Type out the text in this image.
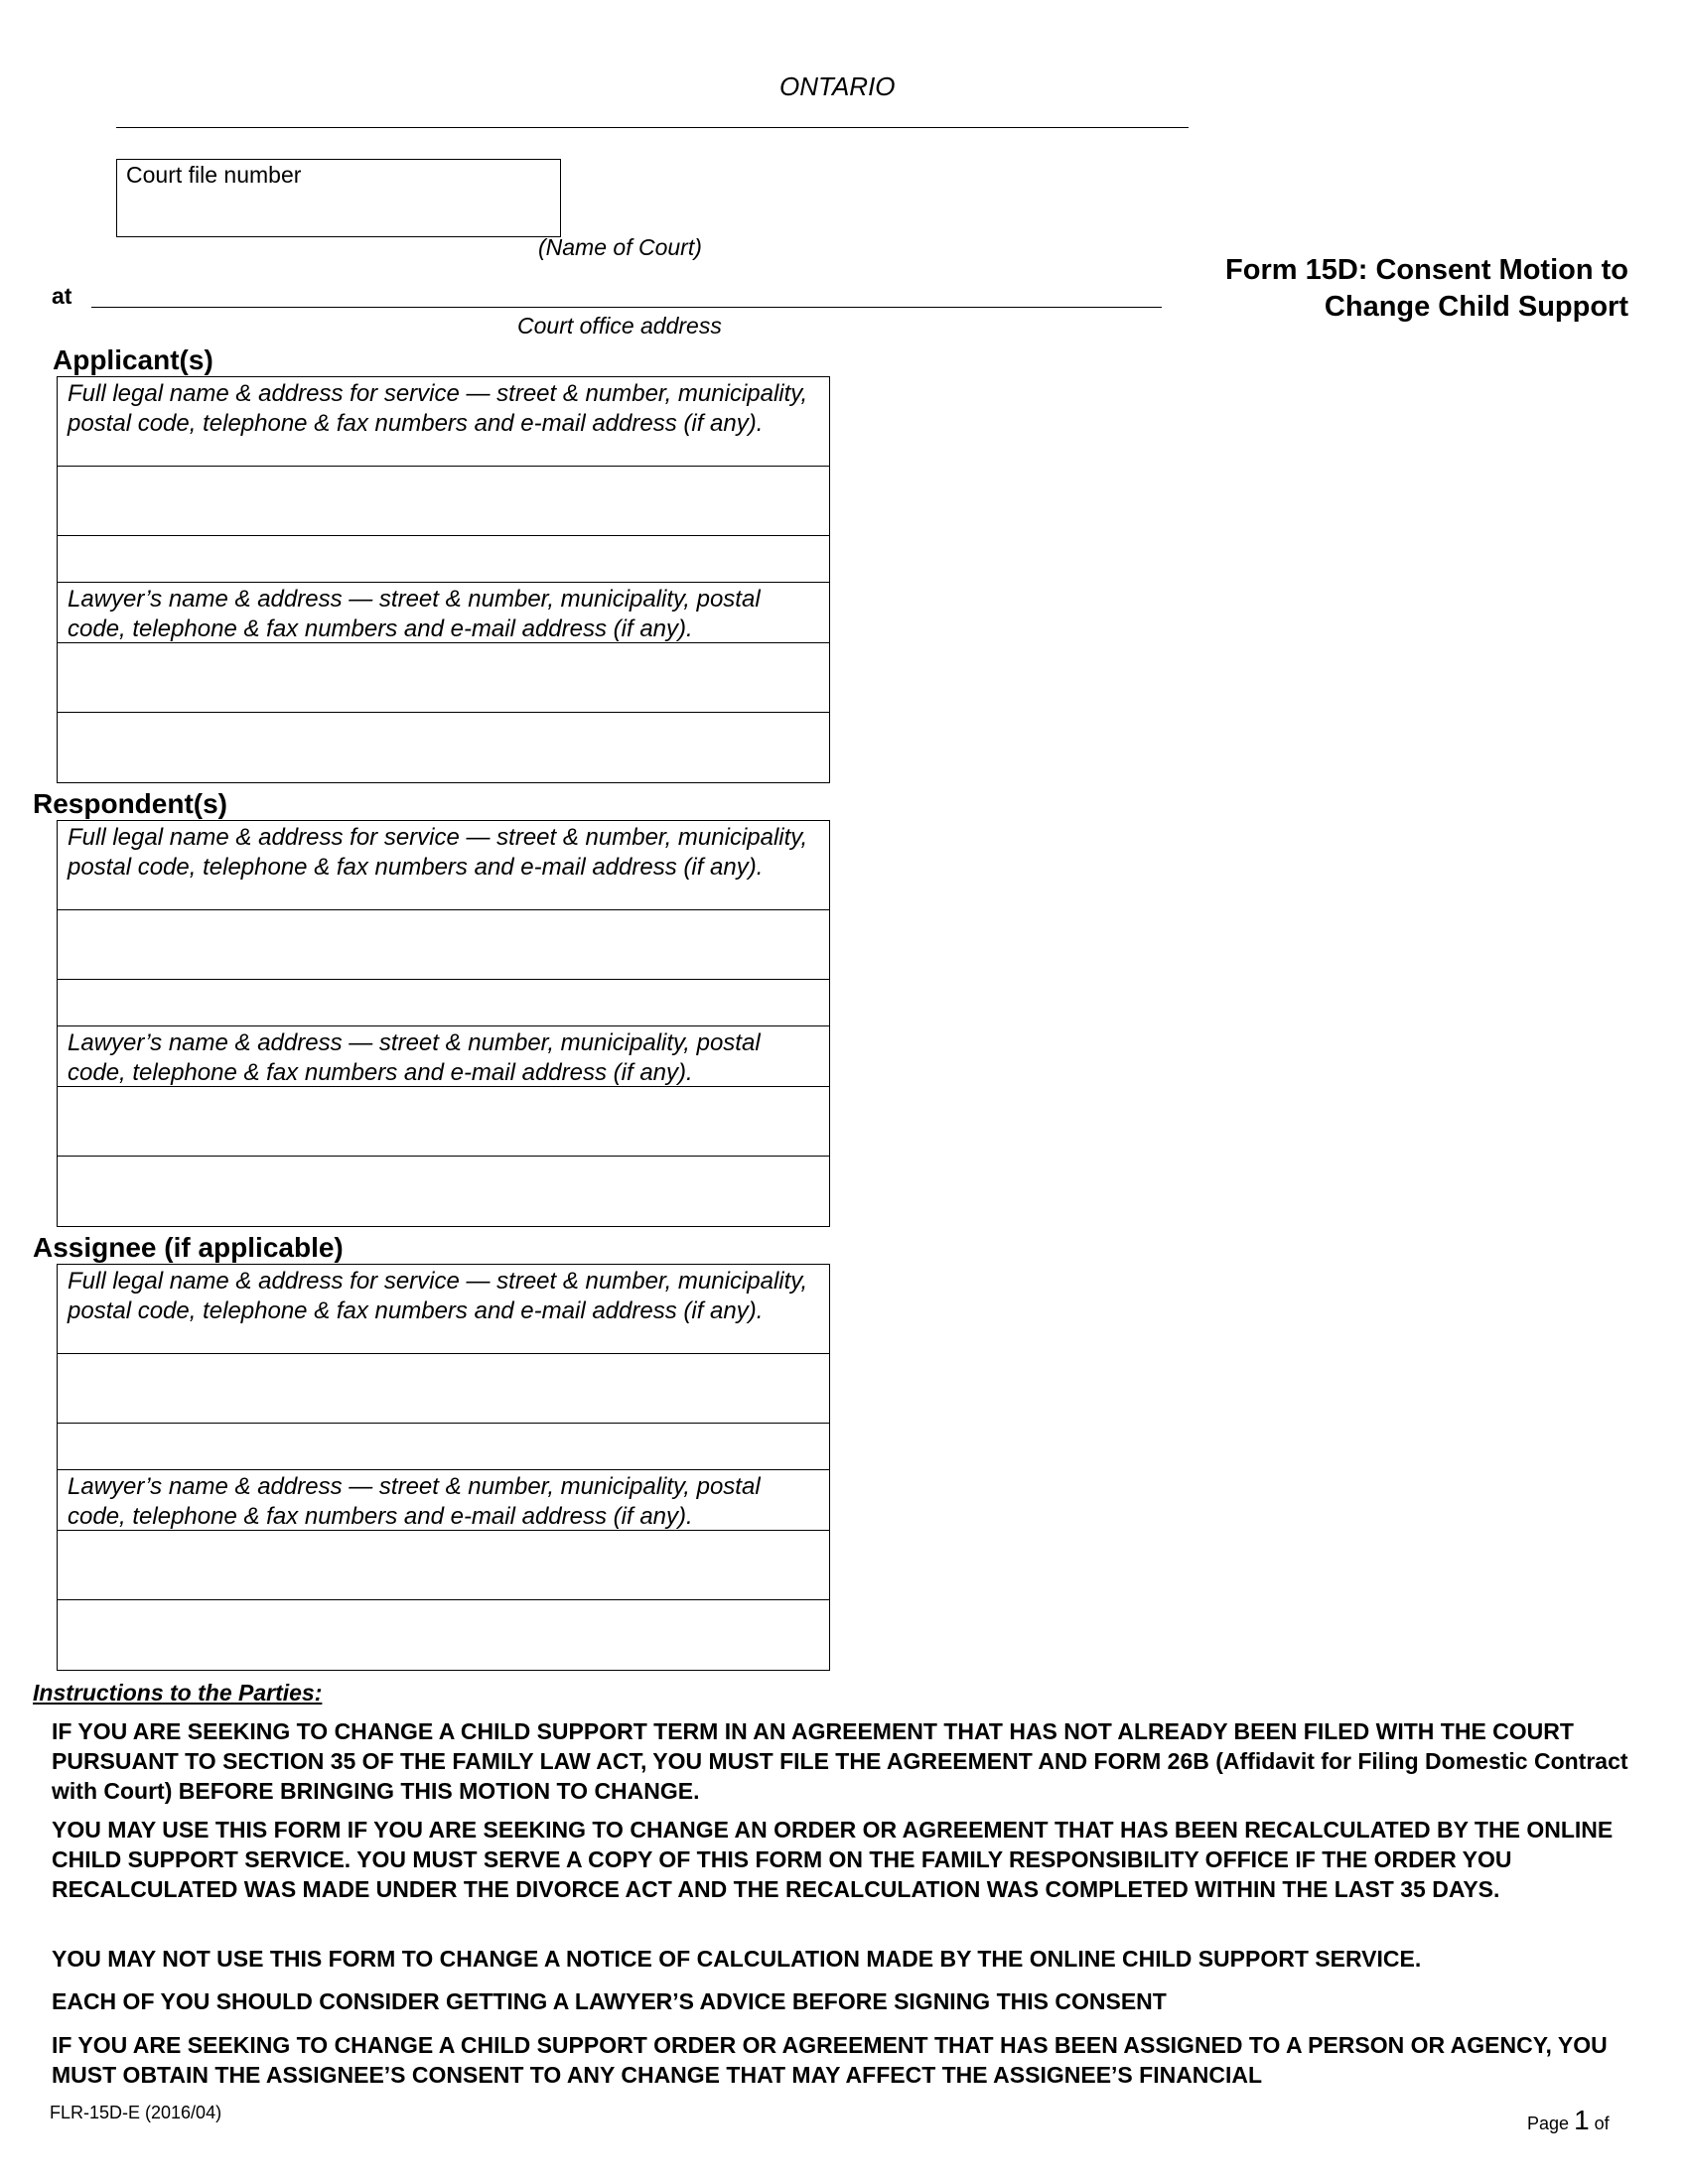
ONTARIO
Court file number
(Name of Court)
at
Court office address
Form 15D: Consent Motion to
Change Child Support
Applicant(s)
Full legal name & address for service — street & number, municipality, postal code, telephone & fax numbers and e-mail address (if any).
Lawyer’s name & address — street & number, municipality, postal code, telephone & fax numbers and e-mail address (if any).
Respondent(s)
Full legal name & address for service — street & number, municipality, postal code, telephone & fax numbers and e-mail address (if any).
Lawyer’s name & address — street & number, municipality, postal code, telephone & fax numbers and e-mail address (if any).
Assignee (if applicable)
Full legal name & address for service — street & number, municipality, postal code, telephone & fax numbers and e-mail address (if any).
Lawyer’s name & address — street & number, municipality, postal code, telephone & fax numbers and e-mail address (if any).
Instructions to the Parties:
IF YOU ARE SEEKING TO CHANGE A CHILD SUPPORT TERM IN AN AGREEMENT THAT HAS NOT ALREADY BEEN FILED WITH THE COURT PURSUANT TO SECTION 35 OF THE FAMILY LAW ACT, YOU MUST FILE THE AGREEMENT AND FORM 26B (Affidavit for Filing Domestic Contract with Court) BEFORE BRINGING THIS MOTION TO CHANGE.
YOU MAY USE THIS FORM IF YOU ARE SEEKING TO CHANGE AN ORDER OR AGREEMENT THAT HAS BEEN RECALCULATED BY THE ONLINE CHILD SUPPORT SERVICE. YOU MUST SERVE A COPY OF THIS FORM ON THE FAMILY RESPONSIBILITY OFFICE IF THE ORDER YOU RECALCULATED WAS MADE UNDER THE DIVORCE ACT AND THE RECALCULATION WAS COMPLETED WITHIN THE LAST 35 DAYS.
YOU MAY NOT USE THIS FORM TO CHANGE A NOTICE OF CALCULATION MADE BY THE ONLINE CHILD SUPPORT SERVICE.
EACH OF YOU SHOULD CONSIDER GETTING A LAWYER’S ADVICE BEFORE SIGNING THIS CONSENT
IF YOU ARE SEEKING TO CHANGE A CHILD SUPPORT ORDER OR AGREEMENT THAT HAS BEEN ASSIGNED TO A PERSON OR AGENCY, YOU MUST OBTAIN THE ASSIGNEE’S CONSENT TO ANY CHANGE THAT MAY AFFECT THE ASSIGNEE’S FINANCIAL
FLR-15D-E (2016/04)
Page 1 of
